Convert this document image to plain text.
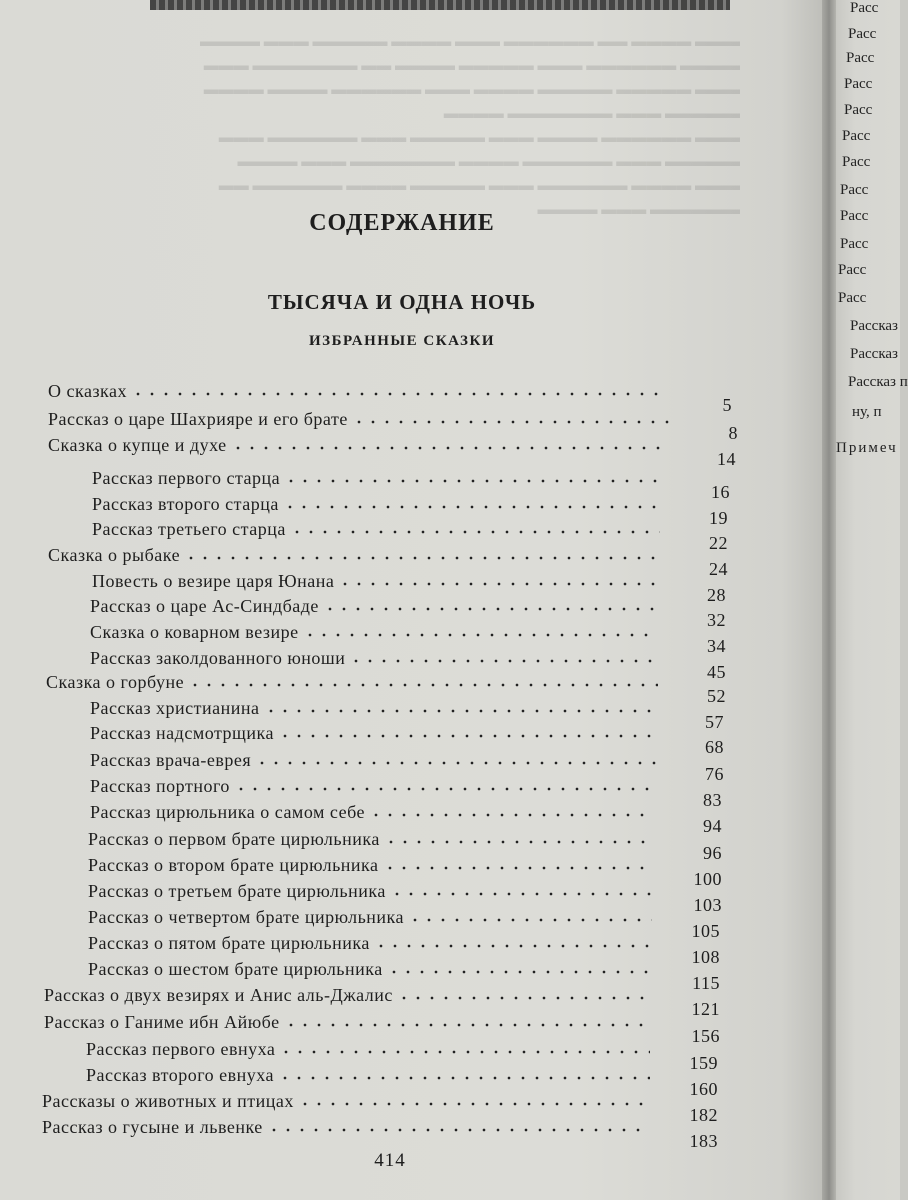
▬▬▬ ▬▬▬▬ ▬▬ ▬▬▬▬▬▬ ▬▬▬ ▬▬▬▬ ▬▬▬▬▬ ▬▬▬ ▬▬▬▬
▬▬▬▬ ▬▬▬▬▬▬ ▬▬▬ ▬▬▬▬▬ ▬▬▬▬ ▬▬ ▬▬▬▬▬▬▬ ▬▬▬
▬▬▬ ▬▬▬▬▬ ▬▬▬▬▬ ▬▬▬▬ ▬▬▬ ▬▬▬▬▬▬ ▬▬▬▬ ▬▬▬▬
▬▬▬▬▬ ▬▬▬ ▬▬▬▬▬▬▬ ▬▬▬▬
▬▬▬ ▬▬▬▬▬▬ ▬▬▬▬ ▬▬▬ ▬▬▬▬▬ ▬▬▬ ▬▬▬▬▬▬ ▬▬▬
▬▬▬▬▬ ▬▬▬ ▬▬▬▬▬▬ ▬▬▬▬ ▬▬▬▬▬▬▬ ▬▬▬ ▬▬▬▬
▬▬▬ ▬▬▬▬ ▬▬▬▬▬▬ ▬▬▬ ▬▬▬▬▬ ▬▬▬▬ ▬▬▬▬▬▬ ▬▬
▬▬▬▬▬▬ ▬▬▬ ▬▬▬▬
СОДЕРЖАНИЕ
ТЫСЯЧА И ОДНА НОЧЬ
ИЗБРАННЫЕ СКАЗКИ
О сказках
5
Рассказ о царе Шахрияре и его брате
8
Сказка о купце и духе
14
Рассказ первого старца
16
Рассказ второго старца
19
Рассказ третьего старца
22
Сказка о рыбаке
24
Повесть о везире царя Юнана
28
Рассказ о царе Ас-Синдбаде
32
Сказка о коварном везире
34
Рассказ заколдованного юноши
45
Сказка о горбуне
52
Рассказ христианина
57
Рассказ надсмотрщика
68
Рассказ врача-еврея
76
Рассказ портного
83
Рассказ цирюльника о самом себе
94
Рассказ о первом брате цирюльника
96
Рассказ о втором брате цирюльника
100
Рассказ о третьем брате цирюльника
103
Рассказ о четвертом брате цирюльника
105
Рассказ о пятом брате цирюльника
108
Рассказ о шестом брате цирюльника
115
Рассказ о двух везирях и Анис аль-Джалис
121
Рассказ о Ганиме ибн Айюбе
156
Рассказ первого евнуха
159
Рассказ второго евнуха
160
Рассказы о животных и птицах
182
Рассказ о гусыне и львенке
183
414
Расс
Расс
Расс
Расс
Расс
Расс
Расс
Расс
Расс
Расс
Расс
Расс
Рассказ
Рассказ
Рассказ п
ну, п
Примеч
